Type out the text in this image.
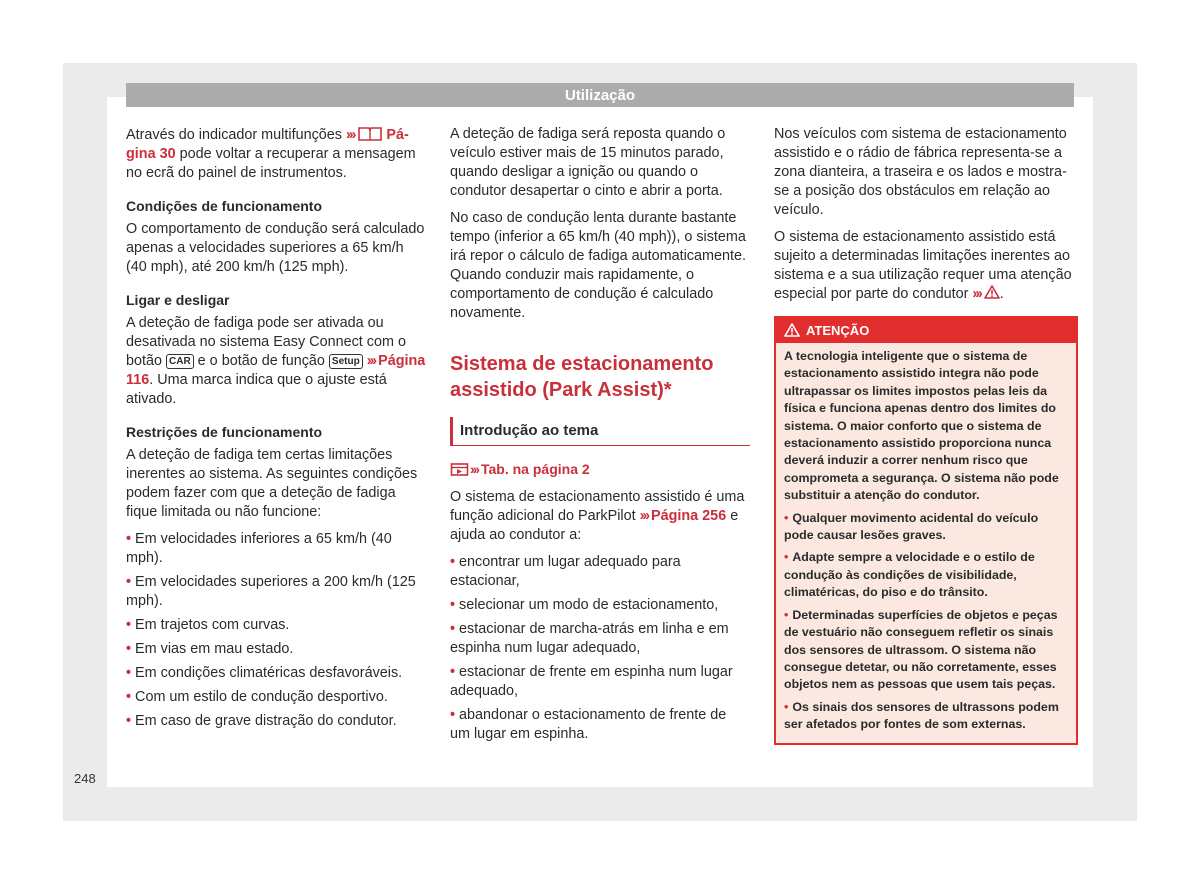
Utilização

Através do indicador multifunções ››› Pá-gina 30 pode voltar a recuperar a mensagem no ecrã do painel de instrumentos.

Condições de funcionamento

O comportamento de condução será calculado apenas a velocidades superiores a 65 km/h (40 mph), até 200 km/h (125 mph).

Ligar e desligar

A deteção de fadiga pode ser ativada ou desativada no sistema Easy Connect com o botão CAR e o botão de função Setup ››› Página 116. Uma marca indica que o ajuste está ativado.

Restrições de funcionamento

A deteção de fadiga tem certas limitações inerentes ao sistema. As seguintes condições podem fazer com que a deteção de fadiga fique limitada ou não funcione:

• Em velocidades inferiores a 65 km/h (40 mph).
• Em velocidades superiores a 200 km/h (125 mph).
• Em trajetos com curvas.
• Em vias em mau estado.
• Em condições climatéricas desfavoráveis.
• Com um estilo de condução desportivo.
• Em caso de grave distração do condutor.

A deteção de fadiga será reposta quando o veículo estiver mais de 15 minutos parado, quando desligar a ignição ou quando o condutor desapertar o cinto e abrir a porta.

No caso de condução lenta durante bastante tempo (inferior a 65 km/h (40 mph)), o sistema irá repor o cálculo de fadiga automaticamente. Quando conduzir mais rapidamente, o comportamento de condução é calculado novamente.

Sistema de estacionamento assistido (Park Assist)*
Introdução ao tema
››› Tab. na página 2

O sistema de estacionamento assistido é uma função adicional do ParkPilot ››› Página 256 e ajuda ao condutor a:

• encontrar um lugar adequado para estacionar,
• selecionar um modo de estacionamento,
• estacionar de marcha-atrás em linha e em espinha num lugar adequado,
• estacionar de frente em espinha num lugar adequado,
• abandonar o estacionamento de frente de um lugar em espinha.

Nos veículos com sistema de estacionamento assistido e o rádio de fábrica representa-se a zona dianteira, a traseira e os lados e mostra-se a posição dos obstáculos em relação ao veículo.

O sistema de estacionamento assistido está sujeito a determinadas limitações inerentes ao sistema e a sua utilização requer uma atenção especial por parte do condutor ››› .

ATENÇÃO

A tecnologia inteligente que o sistema de estacionamento assistido integra não pode ultrapassar os limites impostos pelas leis da física e funciona apenas dentro dos limites do sistema. O maior conforto que o sistema de estacionamento assistido proporciona nunca deverá induzir a correr nenhum risco que comprometa a segurança. O sistema não pode substituir a atenção do condutor.

• Qualquer movimento acidental do veículo pode causar lesões graves.

• Adapte sempre a velocidade e o estilo de condução às condições de visibilidade, climatéricas, do piso e do trânsito.

• Determinadas superfícies de objetos e peças de vestuário não conseguem refletir os sinais dos sensores de ultrassom. O sistema não consegue detetar, ou não corretamente, esses objetos nem as pessoas que usem tais peças.

• Os sinais dos sensores de ultrassons podem ser afetados por fontes de som externas.

248
